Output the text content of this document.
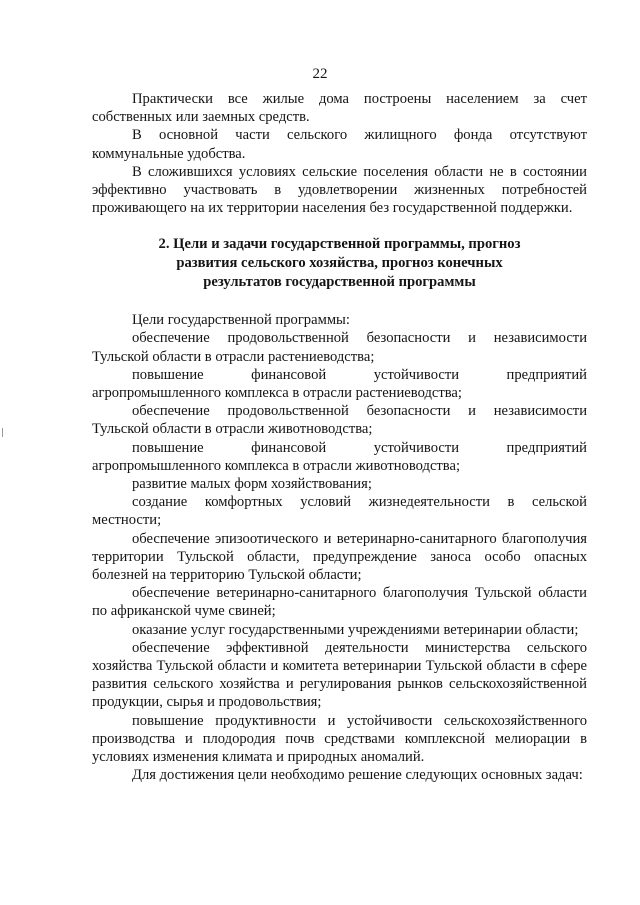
22

Практически все жилые дома построены населением за счет собственных или заемных средств.

В основной части сельского жилищного фонда отсутствуют коммунальные удобства.

В сложившихся условиях сельские поселения области не в состоянии эффективно участвовать в удовлетворении жизненных потребностей проживающего на их территории населения без государственной поддержки.

2. Цели и задачи государственной программы, прогноз
развития сельского хозяйства, прогноз конечных
результатов государственной программы

Цели государственной программы:

обеспечение продовольственной безопасности и независимости Тульской области в отрасли растениеводства;

повышение финансовой устойчивости предприятий агропромышленного комплекса в отрасли растениеводства;

обеспечение продовольственной безопасности и независимости Тульской области в отрасли животноводства;

повышение финансовой устойчивости предприятий агропромышленного комплекса в отрасли животноводства;

развитие малых форм хозяйствования;

создание комфортных условий жизнедеятельности в сельской местности;

обеспечение эпизоотического и ветеринарно-санитарного благополучия территории Тульской области, предупреждение заноса особо опасных болезней на территорию Тульской области;

обеспечение ветеринарно-санитарного благополучия Тульской области по африканской чуме свиней;

оказание услуг государственными учреждениями ветеринарии области;

обеспечение эффективной деятельности министерства сельского хозяйства Тульской области и комитета ветеринарии Тульской области в сфере развития сельского хозяйства и регулирования рынков сельскохозяйственной продукции, сырья и продовольствия;

повышение продуктивности и устойчивости сельскохозяйственного производства и плодородия почв средствами комплексной мелиорации в условиях изменения климата и природных аномалий.

Для достижения цели необходимо решение следующих основных задач:
